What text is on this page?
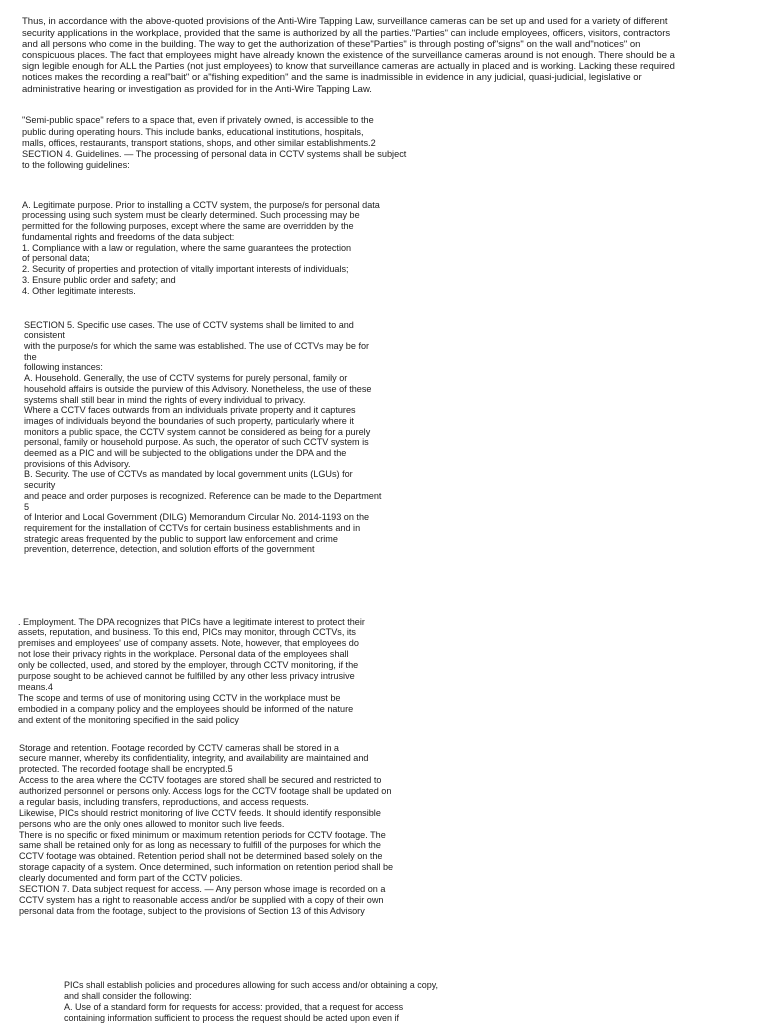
Thus, in accordance with the above-quoted provisions of the Anti-Wire Tapping Law, surveillance cameras can be set up and used for a variety of different
security applications in the workplace, provided that the same is authorized by all the parties."Parties" can include employees, officers, visitors, contractors
and all persons who come in the building. The way to get the authorization of these"Parties" is through posting of"signs" on the wall and"notices" on
conspicuous places. The fact that employees might have already known the existence of the surveillance cameras around is not enough. There should be a
sign legible enough for ALL the Parties (not just employees) to know that surveillance cameras are actually in placed and is working. Lacking these required
notices makes the recording a real"bait" or a"fishing expedition" and the same is inadmissible in evidence in any judicial, quasi-judicial, legislative or
administrative hearing or investigation as provided for in the Anti-Wire Tapping Law.
"Semi-public space" refers to a space that, even if privately owned, is accessible to the
public during operating hours. This include banks, educational institutions, hospitals,
malls, offices, restaurants, transport stations, shops, and other similar establishments.2
SECTION 4. Guidelines. — The processing of personal data in CCTV systems shall be subject
to the following guidelines:
A. Legitimate purpose. Prior to installing a CCTV system, the purpose/s for personal data
processing using such system must be clearly determined. Such processing may be
permitted for the following purposes, except where the same are overridden by the
fundamental rights and freedoms of the data subject:
1. Compliance with a law or regulation, where the same guarantees the protection
of personal data;
2. Security of properties and protection of vitally important interests of individuals;
3. Ensure public order and safety; and
4. Other legitimate interests.
SECTION 5. Specific use cases. The use of CCTV systems shall be limited to and
consistent
with the purpose/s for which the same was established. The use of CCTVs may be for
the
following instances:
A. Household. Generally, the use of CCTV systems for purely personal, family or
household affairs is outside the purview of this Advisory. Nonetheless, the use of these
systems shall still bear in mind the rights of every individual to privacy.
Where a CCTV faces outwards from an individuals private property and it captures
images of individuals beyond the boundaries of such property, particularly where it
monitors a public space, the CCTV system cannot be considered as being for a purely
personal, family or household purpose. As such, the operator of such CCTV system is
deemed as a PIC and will be subjected to the obligations under the DPA and the
provisions of this Advisory.
B. Security. The use of CCTVs as mandated by local government units (LGUs) for
security
and peace and order purposes is recognized. Reference can be made to the Department
5
of Interior and Local Government (DILG) Memorandum Circular No. 2014-1193 on the
requirement for the installation of CCTVs for certain business establishments and in
strategic areas frequented by the public to support law enforcement and crime
prevention, deterrence, detection, and solution efforts of the government
. Employment. The DPA recognizes that PICs have a legitimate interest to protect their
assets, reputation, and business. To this end, PICs may monitor, through CCTVs, its
premises and employees' use of company assets. Note, however, that employees do
not lose their privacy rights in the workplace. Personal data of the employees shall
only be collected, used, and stored by the employer, through CCTV monitoring, if the
purpose sought to be achieved cannot be fulfilled by any other less privacy intrusive
means.4
The scope and terms of use of monitoring using CCTV in the workplace must be
embodied in a company policy and the employees should be informed of the nature
and extent of the monitoring specified in the said policy
Storage and retention. Footage recorded by CCTV cameras shall be stored in a
secure manner, whereby its confidentiality, integrity, and availability are maintained and
protected. The recorded footage shall be encrypted.5
Access to the area where the CCTV footages are stored shall be secured and restricted to
authorized personnel or persons only. Access logs for the CCTV footage shall be updated on
a regular basis, including transfers, reproductions, and access requests.
Likewise, PICs should restrict monitoring of live CCTV feeds. It should identify responsible
persons who are the only ones allowed to monitor such live feeds.
There is no specific or fixed minimum or maximum retention periods for CCTV footage. The
same shall be retained only for as long as necessary to fulfill of the purposes for which the
CCTV footage was obtained. Retention period shall not be determined based solely on the
storage capacity of a system. Once determined, such information on retention period shall be
clearly documented and form part of the CCTV policies.
SECTION 7. Data subject request for access. — Any person whose image is recorded on a
CCTV system has a right to reasonable access and/or be supplied with a copy of their own
personal data from the footage, subject to the provisions of Section 13 of this Advisory
PICs shall establish policies and procedures allowing for such access and/or obtaining a copy,
and shall consider the following:
A. Use of a standard form for requests for access: provided, that a request for access
containing information sufficient to process the request should be acted upon even if
